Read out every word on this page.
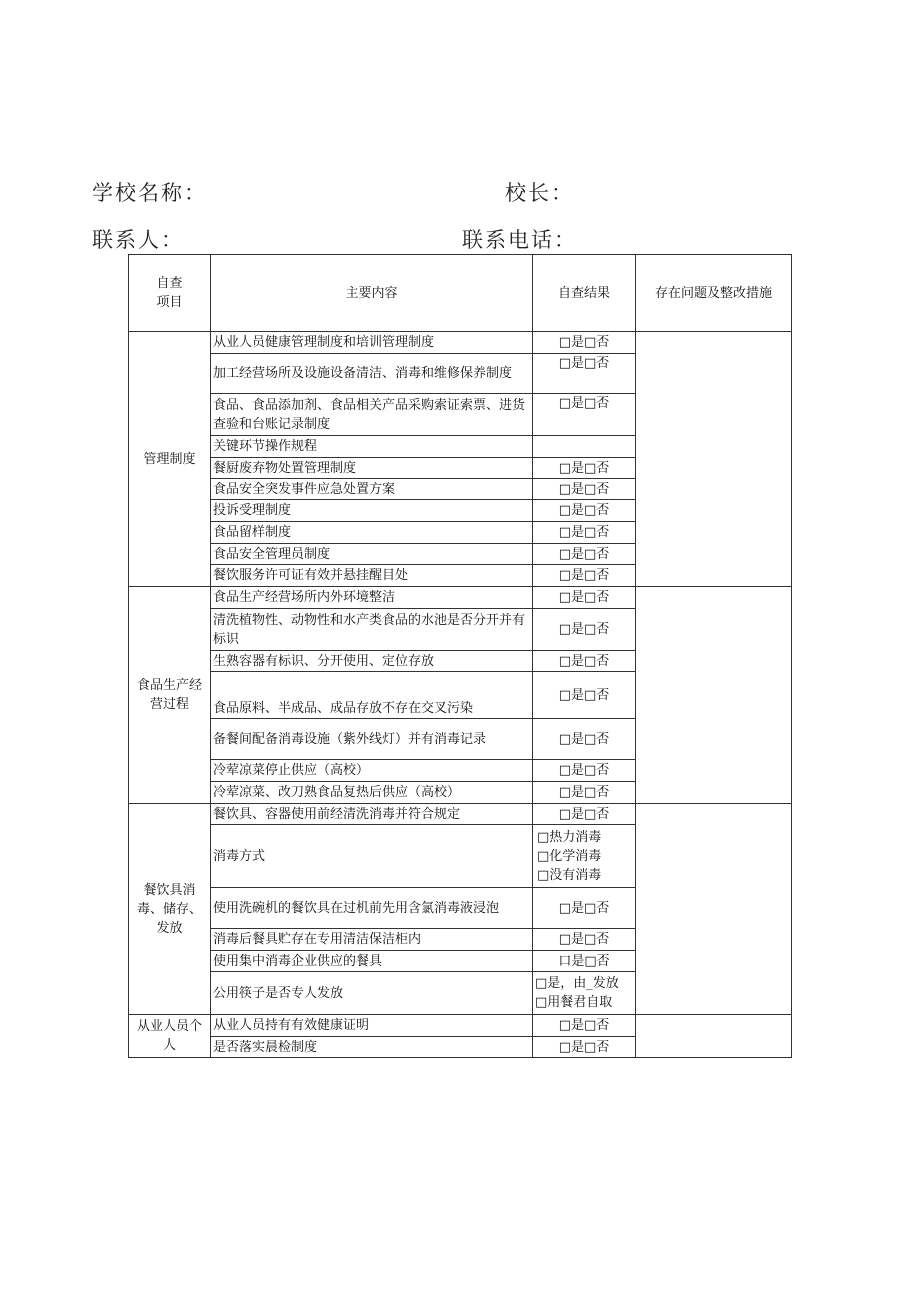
学校名称：	校长：
联系人：	联系电话：
自查
项目	主要内容	自查结果	存在问题及整改措施
管理制度	从业人员健康管理制度和培训管理制度	□是□否	
	加工经营场所及设施设备清洁、消毒和维修保养制度	□是□否	
	食品、食品添加剂、食品相关产品采购索证索票、进货查验和台账记录制度	□是□否	
	关键环节操作规程		
	餐厨废弃物处置管理制度	□是□否	
	食品安全突发事件应急处置方案	□是□否	
	投诉受理制度	□是□否	
	食品留样制度	□是□否	
	食品安全管理员制度	□是□否	
	餐饮服务许可证有效并悬挂醒目处	□是□否	
食品生产经营过程	食品生产经营场所内外环境整洁	□是□否	
	清洗植物性、动物性和水产类食品的水池是否分开并有标识	□是□否	
	生熟容器有标识、分开使用、定位存放	□是□否	
	食品原料、半成品、成品存放不存在交叉污染	□是□否	
	备餐间配备消毒设施（紫外线灯）并有消毒记录	□是□否	
	冷荤凉菜停止供应（高校）	□是□否	
	冷荤凉菜、改刀熟食品复热后供应（高校）	□是□否	
餐饮具消毒、储存、发放	餐饮具、容器使用前经清洗消毒并符合规定	□是□否	
	消毒方式	□热力消毒
□化学消毒
□没有消毒	

	使用洗碗机的餐饮具在过机前先用含氯消毒液浸泡	□是□否	
	消毒后餐具贮存在专用清洁保洁柜内	□是□否	
	使用集中消毒企业供应的餐具	口是□否	
	公用筷子是否专人发放	□是，由_发放
□用餐君自取	

从业人员个人	从业人员持有有效健康证明	□是□否	
	是否落实晨检制度	□是□否	
